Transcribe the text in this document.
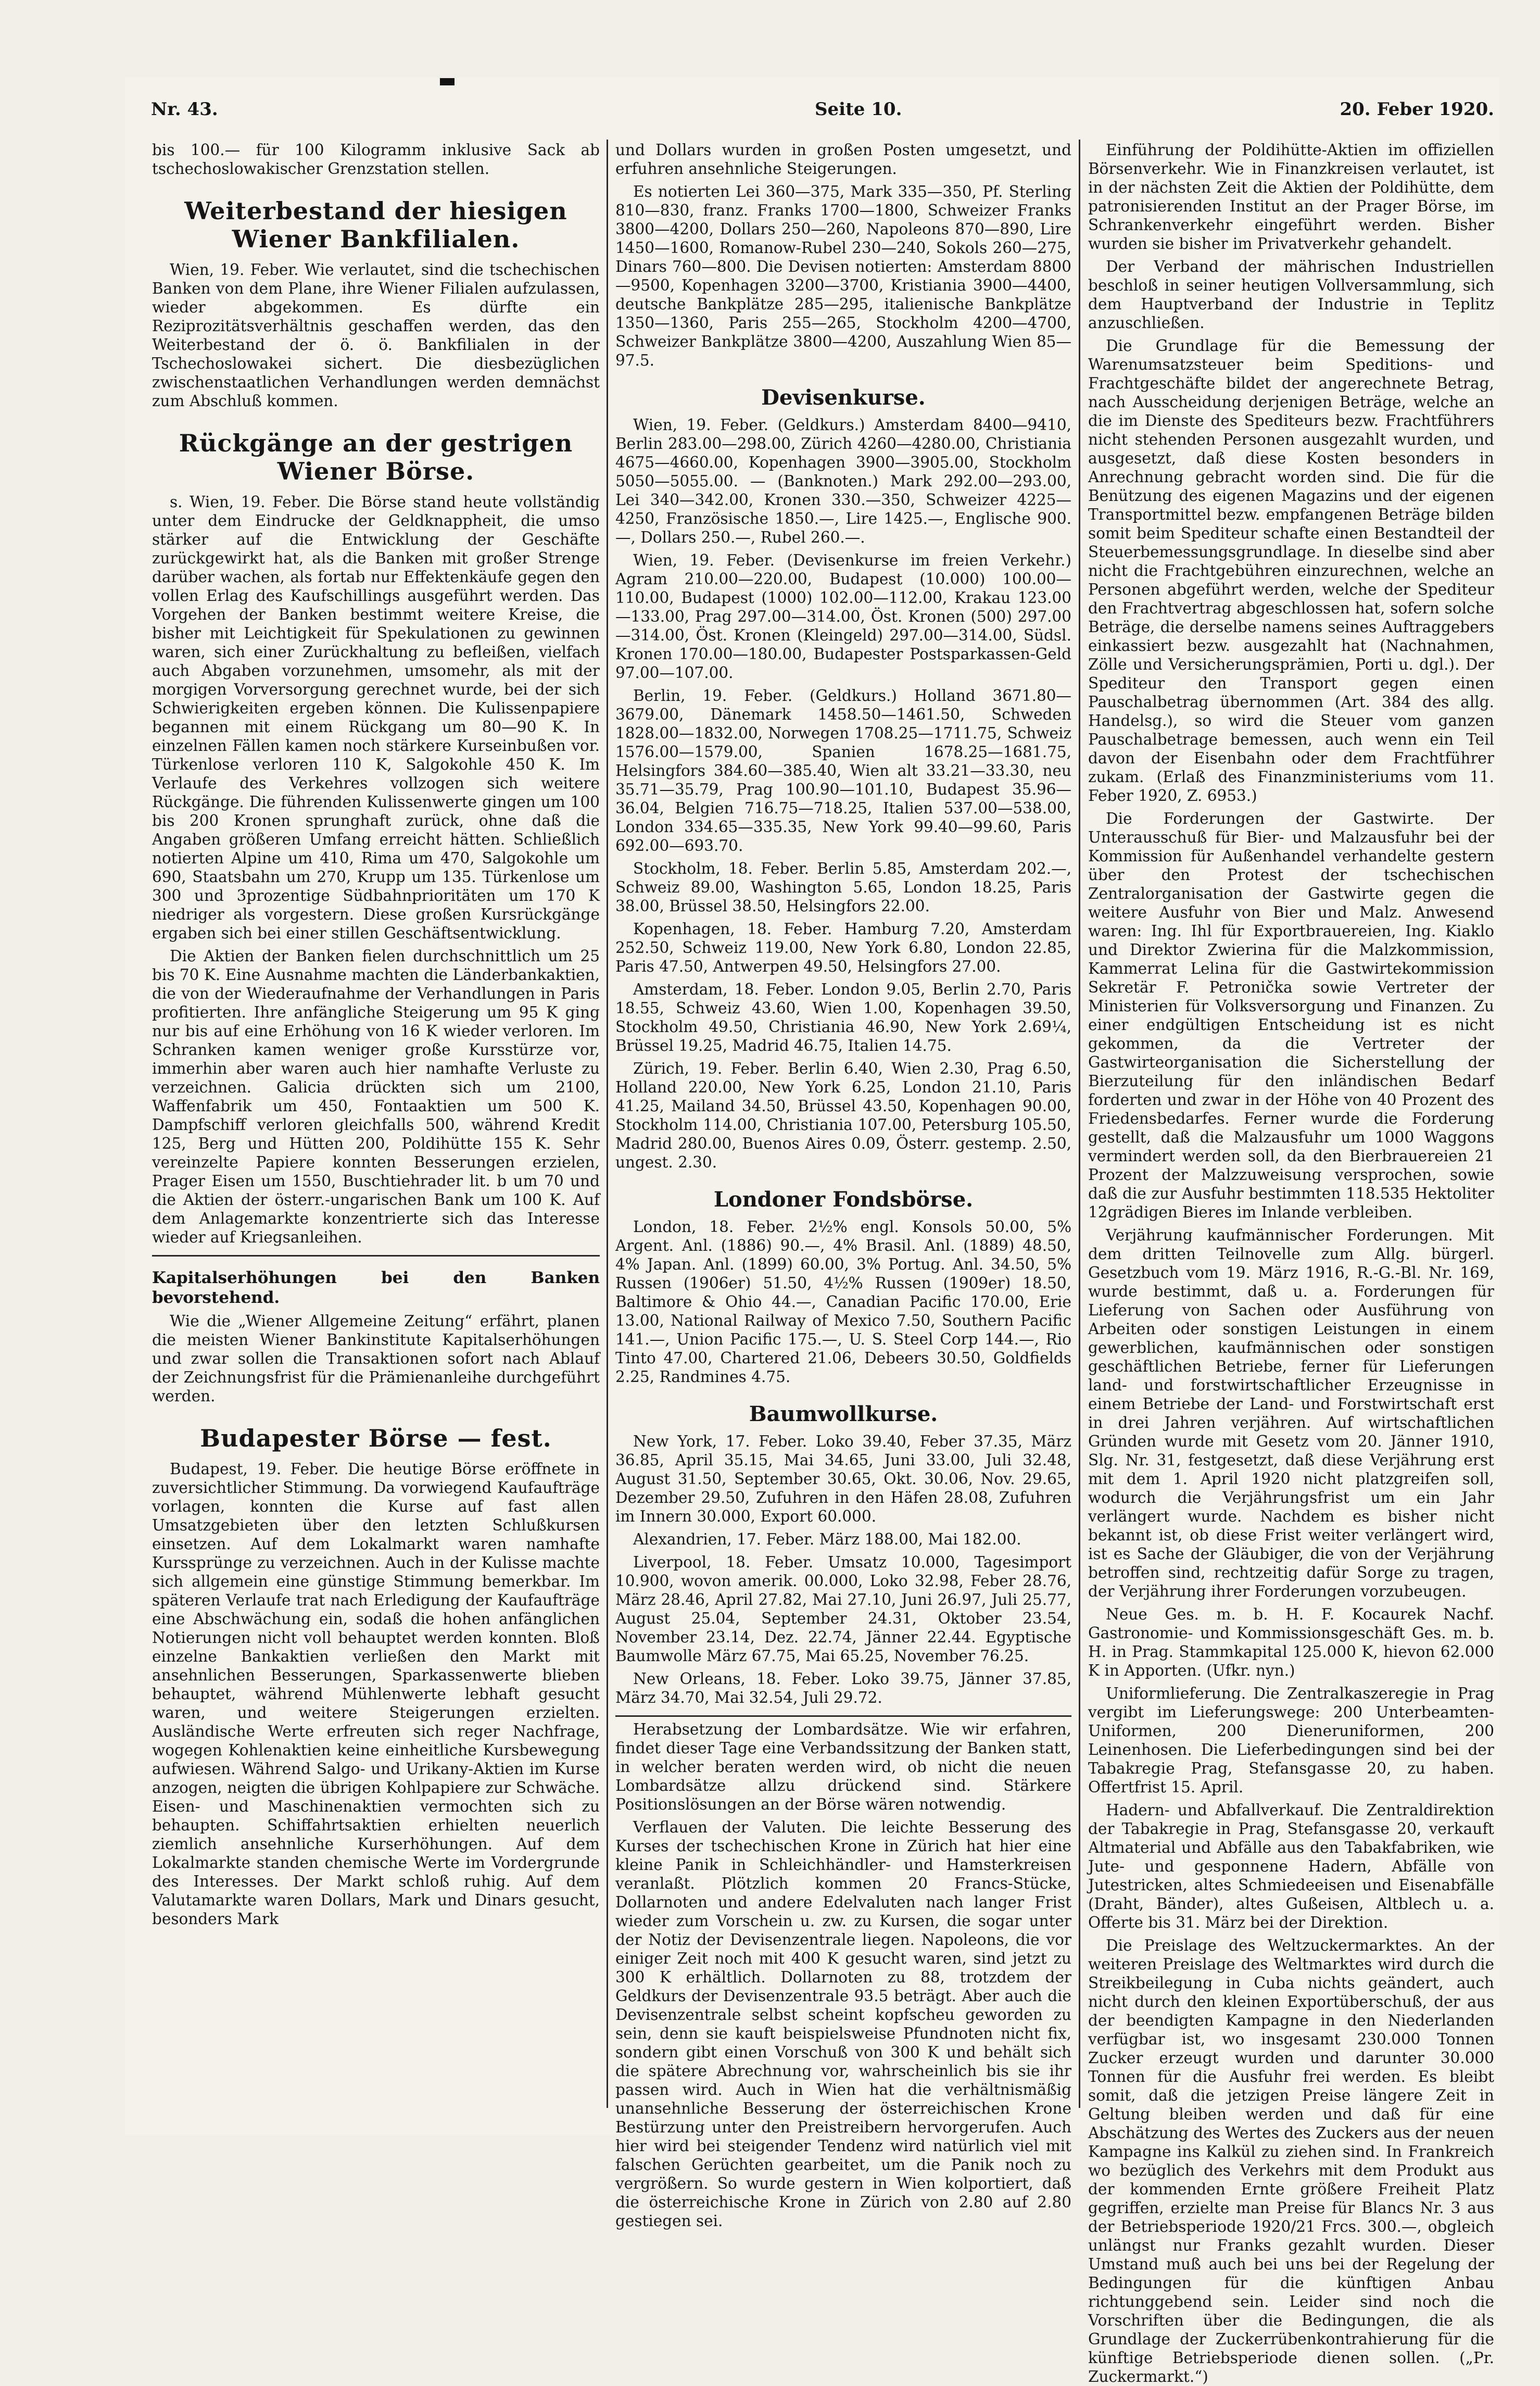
Nr. 43.	Seite 10.	20. Feber 1920.

bis 100.— für 100 Kilogramm inklusive Sack ab tschechoslowakischer Grenzstation stellen.

Weiterbestand der hiesigen Wiener Bankfilialen.

Wien, 19. Feber. Wie verlautet, sind die tschechischen Banken von dem Plane, ihre Wiener Filialen aufzulassen, wieder abgekommen. Es dürfte ein Reziprozitätsverhältnis geschaffen werden, das den Weiterbestand der ö. ö. Bankfilialen in der Tschechoslowakei sichert. Die diesbezüglichen zwischenstaatlichen Verhandlungen werden demnächst zum Abschluß kommen.

Rückgänge an der gestrigen Wiener Börse.

s. Wien, 19. Feber. Die Börse stand heute vollständig unter dem Eindrucke der Geldknappheit, die umso stärker auf die Entwicklung der Geschäfte zurückgewirkt hat, als die Banken mit großer Strenge darüber wachen, als fortab nur Effektenkäufe gegen den vollen Erlag des Kaufschillings ausgeführt werden. Das Vorgehen der Banken bestimmt weitere Kreise, die bisher mit Leichtigkeit für Spekulationen zu gewinnen waren, sich einer Zurückhaltung zu befleißen, vielfach auch Abgaben vorzunehmen, umsomehr, als mit der morgigen Vorversorgung gerechnet wurde, bei der sich Schwierigkeiten ergeben können. Die Kulissenpapiere begannen mit einem Rückgang um 80—90 K. In einzelnen Fällen kamen noch stärkere Kurseinbußen vor. Türkenlose verloren 110 K, Salgokohle 450 K. Im Verlaufe des Verkehres vollzogen sich weitere Rückgänge. Die führenden Kulissenwerte gingen um 100 bis 200 Kronen sprunghaft zurück, ohne daß die Angaben größeren Umfang erreicht hätten. Schließlich notierten Alpine um 410, Rima um 470, Salgokohle um 690, Staatsbahn um 270, Krupp um 135. Türkenlose um 300 und 3prozentige Südbahnprioritäten um 170 K niedriger als vorgestern. Diese großen Kursrückgänge ergaben sich bei einer stillen Geschäftsentwicklung.

Die Aktien der Banken fielen durchschnittlich um 25 bis 70 K. Eine Ausnahme machten die Länderbankaktien, die von der Wiederaufnahme der Verhandlungen in Paris profitierten. Ihre anfängliche Steigerung um 95 K ging nur bis auf eine Erhöhung von 16 K wieder verloren. Im Schranken kamen weniger große Kursstürze vor, immerhin aber waren auch hier namhafte Verluste zu verzeichnen. Galicia drückten sich um 2100, Waffenfabrik um 450, Fontaaktien um 500 K. Dampfschiff verloren gleichfalls 500, während Kredit 125, Berg und Hütten 200, Poldihütte 155 K. Sehr vereinzelte Papiere konnten Besserungen erzielen, Prager Eisen um 1550, Buschtiehrader lit. b um 70 und die Aktien der österr.-ungarischen Bank um 100 K. Auf dem Anlagemarkte konzentrierte sich das Interesse wieder auf Kriegsanleihen.

Kapitalserhöhungen bei den Banken bevorstehend.

Wie die „Wiener Allgemeine Zeitung“ erfährt, planen die meisten Wiener Bankinstitute Kapitalserhöhungen und zwar sollen die Transaktionen sofort nach Ablauf der Zeichnungsfrist für die Prämienanleihe durchgeführt werden.

Budapester Börse — fest.

Budapest, 19. Feber. Die heutige Börse eröffnete in zuversichtlicher Stimmung. Da vorwiegend Kaufaufträge vorlagen, konnten die Kurse auf fast allen Umsatzgebieten über den letzten Schlußkursen einsetzen. Auf dem Lokalmarkt waren namhafte Kurssprünge zu verzeichnen. Auch in der Kulisse machte sich allgemein eine günstige Stimmung bemerkbar. Im späteren Verlaufe trat nach Erledigung der Kaufaufträge eine Abschwächung ein, sodaß die hohen anfänglichen Notierungen nicht voll behauptet werden konnten. Bloß einzelne Bankaktien verließen den Markt mit ansehnlichen Besserungen, Sparkassenwerte blieben behauptet, während Mühlenwerte lebhaft gesucht waren, und weitere Steigerungen erzielten. Ausländische Werte erfreuten sich reger Nachfrage, wogegen Kohlenaktien keine einheitliche Kursbewegung aufwiesen. Während Salgo- und Urikany-Aktien im Kurse anzogen, neigten die übrigen Kohlpapiere zur Schwäche. Eisen- und Maschinenaktien vermochten sich zu behaupten. Schiffahrtsaktien erhielten neuerlich ziemlich ansehnliche Kurserhöhungen. Auf dem Lokalmarkte standen chemische Werte im Vordergrunde des Interesses. Der Markt schloß ruhig. Auf dem Valutamarkte waren Dollars, Mark und Dinars gesucht, besonders Mark

und Dollars wurden in großen Posten umgesetzt, und erfuhren ansehnliche Steigerungen.

Es notierten Lei 360—375, Mark 335—350, Pf. Sterling 810—830, franz. Franks 1700—1800, Schweizer Franks 3800—4200, Dollars 250—260, Napoleons 870—890, Lire 1450—1600, Romanow-Rubel 230—240, Sokols 260—275, Dinars 760—800. Die Devisen notierten: Amsterdam 8800—9500, Kopenhagen 3200—3700, Kristiania 3900—4400, deutsche Bankplätze 285—295, italienische Bankplätze 1350—1360, Paris 255—265, Stockholm 4200—4700, Schweizer Bankplätze 3800—4200, Auszahlung Wien 85—97.5.

Devisenkurse.

Wien, 19. Feber. (Geldkurs.) Amsterdam 8400—9410, Berlin 283.00—298.00, Zürich 4260—4280.00, Christiania 4675—4660.00, Kopenhagen 3900—3905.00, Stockholm 5050—5055.00. — (Banknoten.) Mark 292.00—293.00, Lei 340—342.00, Kronen 330.—350, Schweizer 4225—4250, Französische 1850.—, Lire 1425.—, Englische 900.—, Dollars 250.—, Rubel 260.—.

Wien, 19. Feber. (Devisenkurse im freien Verkehr.) Agram 210.00—220.00, Budapest (10.000) 100.00—110.00, Budapest (1000) 102.00—112.00, Krakau 123.00—133.00, Prag 297.00—314.00, Öst. Kronen (500) 297.00—314.00, Öst. Kronen (Kleingeld) 297.00—314.00, Südsl. Kronen 170.00—180.00, Budapester Postsparkassen-Geld 97.00—107.00.

Berlin, 19. Feber. (Geldkurs.) Holland 3671.80—3679.00, Dänemark 1458.50—1461.50, Schweden 1828.00—1832.00, Norwegen 1708.25—1711.75, Schweiz 1576.00—1579.00, Spanien 1678.25—1681.75, Helsingfors 384.60—385.40, Wien alt 33.21—33.30, neu 35.71—35.79, Prag 100.90—101.10, Budapest 35.96—36.04, Belgien 716.75—718.25, Italien 537.00—538.00, London 334.65—335.35, New York 99.40—99.60, Paris 692.00—693.70.

Stockholm, 18. Feber. Berlin 5.85, Amsterdam 202.—, Schweiz 89.00, Washington 5.65, London 18.25, Paris 38.00, Brüssel 38.50, Helsingfors 22.00.

Kopenhagen, 18. Feber. Hamburg 7.20, Amsterdam 252.50, Schweiz 119.00, New York 6.80, London 22.85, Paris 47.50, Antwerpen 49.50, Helsingfors 27.00.

Amsterdam, 18. Feber. London 9.05, Berlin 2.70, Paris 18.55, Schweiz 43.60, Wien 1.00, Kopenhagen 39.50, Stockholm 49.50, Christiania 46.90, New York 2.69¼, Brüssel 19.25, Madrid 46.75, Italien 14.75.

Zürich, 19. Feber. Berlin 6.40, Wien 2.30, Prag 6.50, Holland 220.00, New York 6.25, London 21.10, Paris 41.25, Mailand 34.50, Brüssel 43.50, Kopenhagen 90.00, Stockholm 114.00, Christiania 107.00, Petersburg 105.50, Madrid 280.00, Buenos Aires 0.09, Österr. gestemp. 2.50, ungest. 2.30.

Londoner Fondsbörse.

London, 18. Feber. 2½% engl. Konsols 50.00, 5% Argent. Anl. (1886) 90.—, 4% Brasil. Anl. (1889) 48.50, 4% Japan. Anl. (1899) 60.00, 3% Portug. Anl. 34.50, 5% Russen (1906er) 51.50, 4½% Russen (1909er) 18.50, Baltimore & Ohio 44.—, Canadian Pacific 170.00, Erie 13.00, National Railway of Mexico 7.50, Southern Pacific 141.—, Union Pacific 175.—, U. S. Steel Corp 144.—, Rio Tinto 47.00, Chartered 21.06, Debeers 30.50, Goldfields 2.25, Randmines 4.75.

Baumwollkurse.

New York, 17. Feber. Loko 39.40, Feber 37.35, März 36.85, April 35.15, Mai 34.65, Juni 33.00, Juli 32.48, August 31.50, September 30.65, Okt. 30.06, Nov. 29.65, Dezember 29.50, Zufuhren in den Häfen 28.08, Zufuhren im Innern 30.000, Export 60.000.

Alexandrien, 17. Feber. März 188.00, Mai 182.00.

Liverpool, 18. Feber. Umsatz 10.000, Tagesimport 10.900, wovon amerik. 00.000, Loko 32.98, Feber 28.76, März 28.46, April 27.82, Mai 27.10, Juni 26.97, Juli 25.77, August 25.04, September 24.31, Oktober 23.54, November 23.14, Dez. 22.74, Jänner 22.44. Egyptische Baumwolle März 67.75, Mai 65.25, November 76.25.

New Orleans, 18. Feber. Loko 39.75, Jänner 37.85, März 34.70, Mai 32.54, Juli 29.72.

Herabsetzung der Lombardsätze. Wie wir erfahren, findet dieser Tage eine Verbandssitzung der Banken statt, in welcher beraten werden wird, ob nicht die neuen Lombardsätze allzu drückend sind. Stärkere Positionslösungen an der Börse wären notwendig.

Verflauen der Valuten. Die leichte Besserung des Kurses der tschechischen Krone in Zürich hat hier eine kleine Panik in Schleichhändler- und Hamsterkreisen veranlaßt. Plötzlich kommen 20 Francs-Stücke, Dollarnoten und andere Edelvaluten nach langer Frist wieder zum Vorschein u. zw. zu Kursen, die sogar unter der Notiz der Devisenzentrale liegen. Napoleons, die vor einiger Zeit noch mit 400 K gesucht waren, sind jetzt zu 300 K erhältlich. Dollarnoten zu 88, trotzdem der Geldkurs der Devisenzentrale 93.5 beträgt. Aber auch die Devisenzentrale selbst scheint kopfscheu geworden zu sein, denn sie kauft beispielsweise Pfundnoten nicht fix, sondern gibt einen Vorschuß von 300 K und behält sich die spätere Abrechnung vor, wahrscheinlich bis sie ihr passen wird. Auch in Wien hat die verhältnismäßig unansehnliche Besserung der österreichischen Krone Bestürzung unter den Preistreibern hervorgerufen. Auch hier wird bei steigender Tendenz wird natürlich viel mit falschen Gerüchten gearbeitet, um die Panik noch zu vergrößern. So wurde gestern in Wien kolportiert, daß die österreichische Krone in Zürich von 2.80 auf 2.80 gestiegen sei.

Einführung der Poldihütte-Aktien im offiziellen Börsenverkehr. Wie in Finanzkreisen verlautet, ist in der nächsten Zeit die Aktien der Poldihütte, dem patronisierenden Institut an der Prager Börse, im Schrankenverkehr eingeführt werden. Bisher wurden sie bisher im Privatverkehr gehandelt.

Der Verband der mährischen Industriellen beschloß in seiner heutigen Vollversammlung, sich dem Hauptverband der Industrie in Teplitz anzuschließen.

Die Grundlage für die Bemessung der Warenumsatzsteuer beim Speditions- und Frachtgeschäfte bildet der angerechnete Betrag, nach Ausscheidung derjenigen Beträge, welche an die im Dienste des Spediteurs bezw. Frachtführers nicht stehenden Personen ausgezahlt wurden, und ausgesetzt, daß diese Kosten besonders in Anrechnung gebracht worden sind. Die für die Benützung des eigenen Magazins und der eigenen Transportmittel bezw. empfangenen Beträge bilden somit beim Spediteur schafte einen Bestandteil der Steuerbemessungsgrundlage. In dieselbe sind aber nicht die Frachtgebühren einzurechnen, welche an Personen abgeführt werden, welche der Spediteur den Frachtvertrag abgeschlossen hat, sofern solche Beträge, die derselbe namens seines Auftraggebers einkassiert bezw. ausgezahlt hat (Nachnahmen, Zölle und Versicherungsprämien, Porti u. dgl.). Der Spediteur den Transport gegen einen Pauschalbetrag übernommen (Art. 384 des allg. Handelsg.), so wird die Steuer vom ganzen Pauschalbetrage bemessen, auch wenn ein Teil davon der Eisenbahn oder dem Frachtführer zukam. (Erlaß des Finanzministeriums vom 11. Feber 1920, Z. 6953.)

Die Forderungen der Gastwirte. Der Unterausschuß für Bier- und Malzausfuhr bei der Kommission für Außenhandel verhandelte gestern über den Protest der tschechischen Zentralorganisation der Gastwirte gegen die weitere Ausfuhr von Bier und Malz. Anwesend waren: Ing. Ihl für Exportbrauereien, Ing. Kiaklo und Direktor Zwierina für die Malzkommission, Kammerrat Lelina für die Gastwirtekommission Sekretär F. Petronička sowie Vertreter der Ministerien für Volksversorgung und Finanzen. Zu einer endgültigen Entscheidung ist es nicht gekommen, da die Vertreter der Gastwirteorganisation die Sicherstellung der Bierzuteilung für den inländischen Bedarf forderten und zwar in der Höhe von 40 Prozent des Friedensbedarfes. Ferner wurde die Forderung gestellt, daß die Malzausfuhr um 1000 Waggons vermindert werden soll, da den Bierbrauereien 21 Prozent der Malzzuweisung versprochen, sowie daß die zur Ausfuhr bestimmten 118.535 Hektoliter 12grädigen Bieres im Inlande verbleiben.

Verjährung kaufmännischer Forderungen. Mit dem dritten Teilnovelle zum Allg. bürgerl. Gesetzbuch vom 19. März 1916, R.-G.-Bl. Nr. 169, wurde bestimmt, daß u. a. Forderungen für Lieferung von Sachen oder Ausführung von Arbeiten oder sonstigen Leistungen in einem gewerblichen, kaufmännischen oder sonstigen geschäftlichen Betriebe, ferner für Lieferungen land- und forstwirtschaftlicher Erzeugnisse in einem Betriebe der Land- und Forstwirtschaft erst in drei Jahren verjähren. Auf wirtschaftlichen Gründen wurde mit Gesetz vom 20. Jänner 1910, Slg. Nr. 31, festgesetzt, daß diese Verjährung erst mit dem 1. April 1920 nicht platzgreifen soll, wodurch die Verjährungsfrist um ein Jahr verlängert wurde. Nachdem es bisher nicht bekannt ist, ob diese Frist weiter verlängert wird, ist es Sache der Gläubiger, die von der Verjährung betroffen sind, rechtzeitig dafür Sorge zu tragen, der Verjährung ihrer Forderungen vorzubeugen.

Neue Ges. m. b. H. F. Kocaurek Nachf. Gastronomie- und Kommissionsgeschäft Ges. m. b. H. in Prag. Stammkapital 125.000 K, hievon 62.000 K in Apporten. (Ufkr. nyn.)

Uniformlieferung. Die Zentralkaszeregie in Prag vergibt im Lieferungswege: 200 Unterbeamten-Uniformen, 200 Dieneruniformen, 200 Leinenhosen. Die Lieferbedingungen sind bei der Tabakregie Prag, Stefansgasse 20, zu haben. Offertfrist 15. April.

Hadern- und Abfallverkauf. Die Zentraldirektion der Tabakregie in Prag, Stefansgasse 20, verkauft Altmaterial und Abfälle aus den Tabakfabriken, wie Jute- und gesponnene Hadern, Abfälle von Jutestricken, altes Schmiedeeisen und Eisenabfälle (Draht, Bänder), altes Gußeisen, Altblech u. a. Offerte bis 31. März bei der Direktion.

Die Preislage des Weltzuckermarktes. An der weiteren Preislage des Weltmarktes wird durch die Streikbeilegung in Cuba nichts geändert, auch nicht durch den kleinen Exportüberschuß, der aus der beendigten Kampagne in den Niederlanden verfügbar ist, wo insgesamt 230.000 Tonnen Zucker erzeugt wurden und darunter 30.000 Tonnen für die Ausfuhr frei werden. Es bleibt somit, daß die jetzigen Preise längere Zeit in Geltung bleiben werden und daß für eine Abschätzung des Wertes des Zuckers aus der neuen Kampagne ins Kalkül zu ziehen sind. In Frankreich wo bezüglich des Verkehrs mit dem Produkt aus der kommenden Ernte größere Freiheit Platz gegriffen, erzielte man Preise für Blancs Nr. 3 aus der Betriebsperiode 1920/21 Frcs. 300.—, obgleich unlängst nur Franks gezahlt wurden. Dieser Umstand muß auch bei uns bei der Regelung der Bedingungen für die künftigen Anbau richtunggebend sein. Leider sind noch die Vorschriften über die Bedingungen, die als Grundlage der Zuckerrübenkontrahierung für die künftige Betriebsperiode dienen sollen. („Pr. Zuckermarkt.“)
